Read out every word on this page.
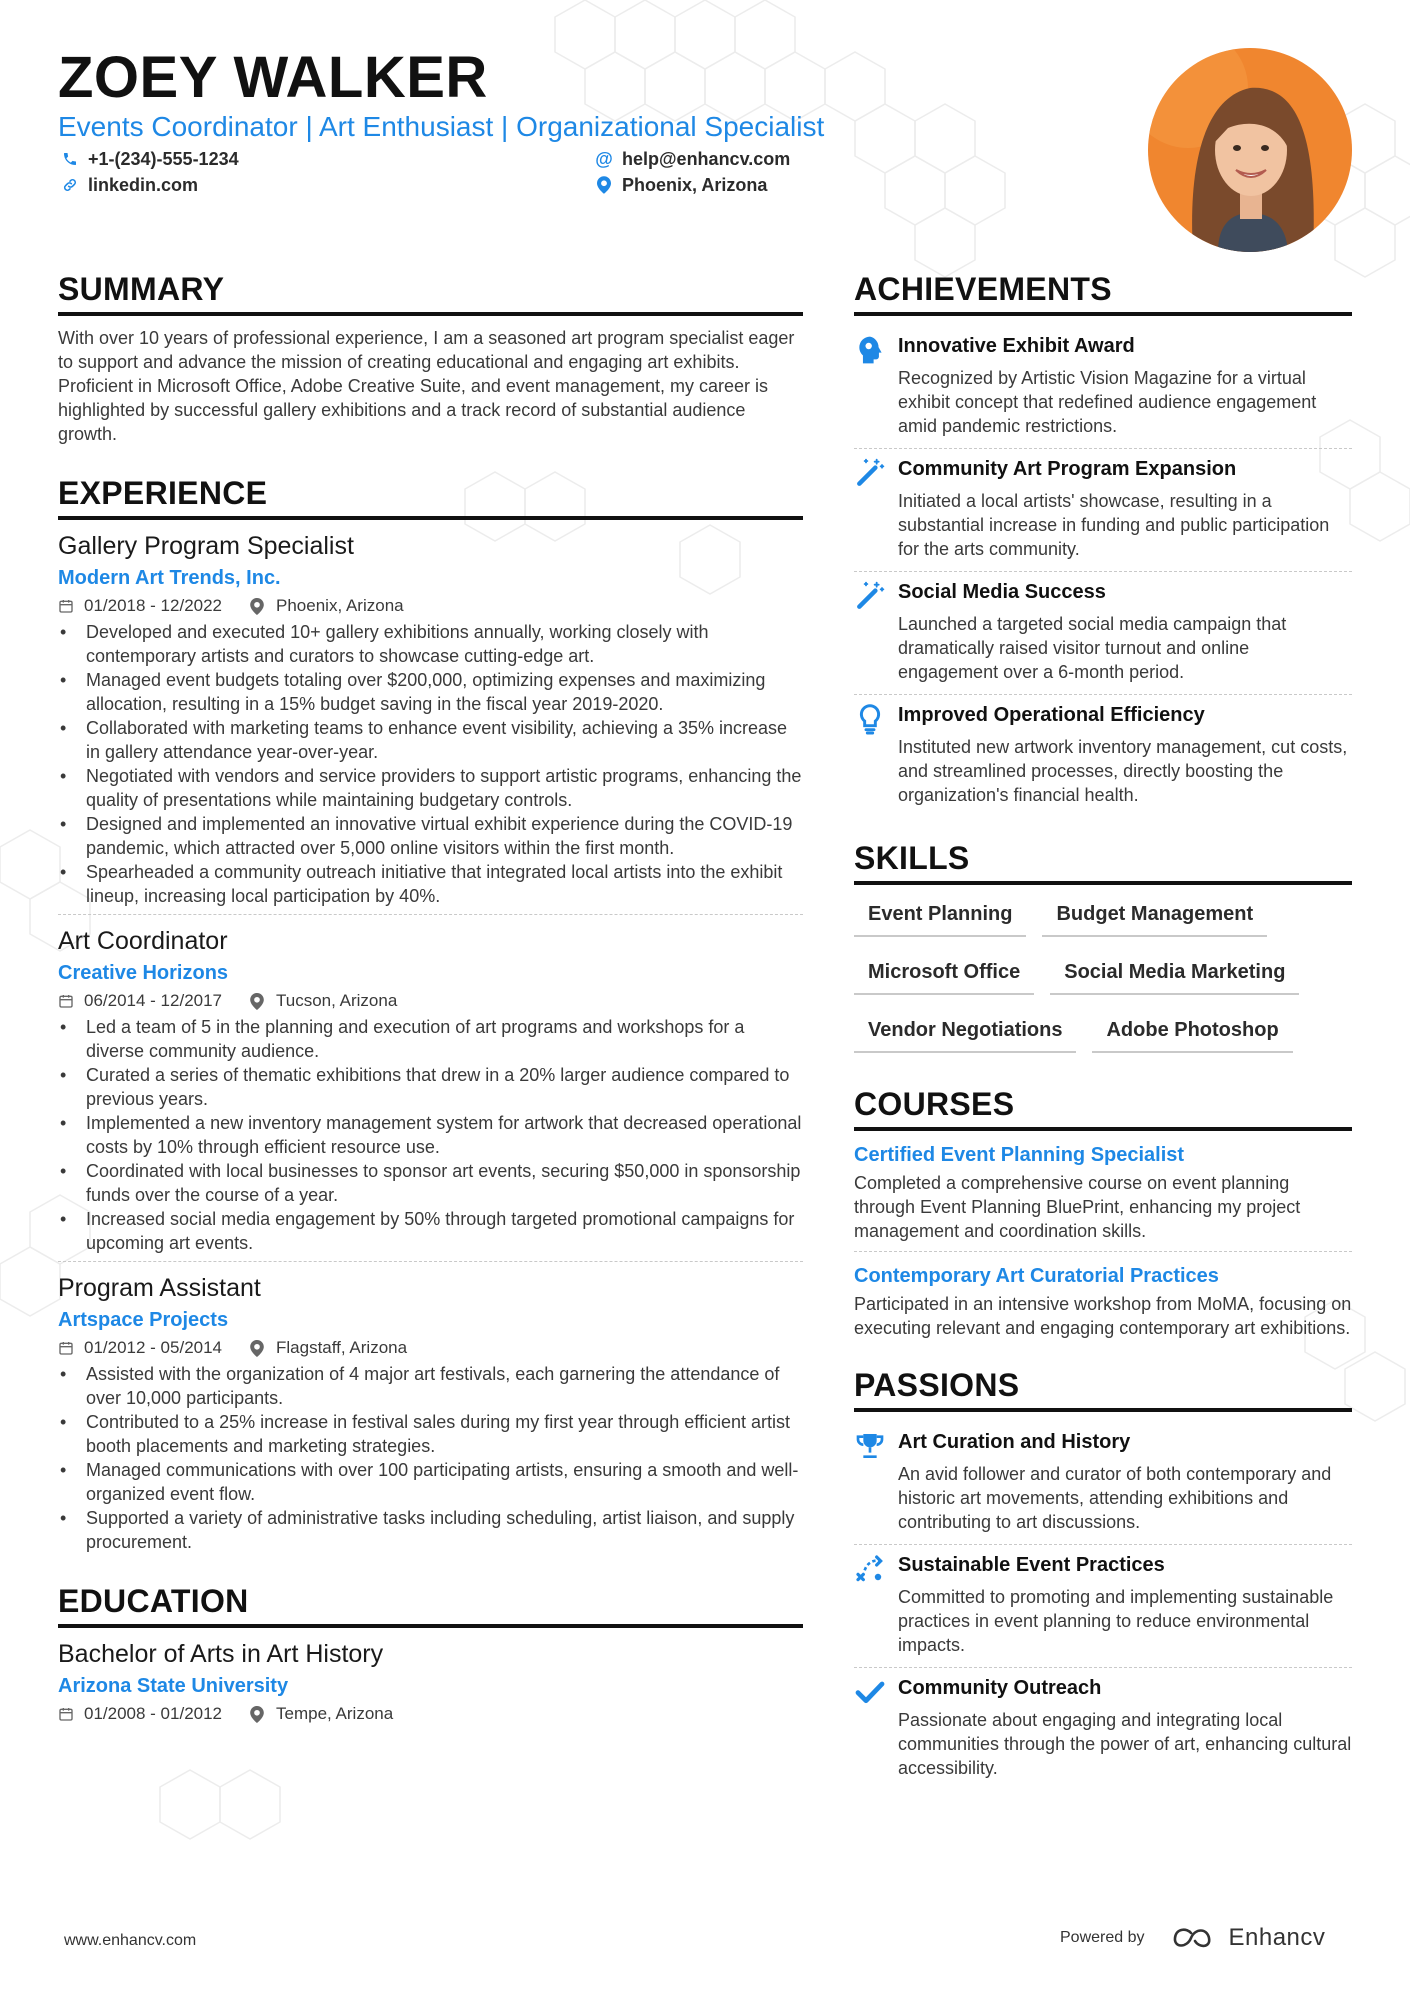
ZOEY WALKER
Events Coordinator | Art Enthusiast | Organizational Specialist
+1-(234)-555-1234	@ help@enhancv.com
linkedin.com	Phoenix, Arizona
SUMMARY
With over 10 years of professional experience, I am a seasoned art program specialist eager to support and advance the mission of creating educational and engaging art exhibits. Proficient in Microsoft Office, Adobe Creative Suite, and event management, my career is highlighted by successful gallery exhibitions and a track record of substantial audience growth.
EXPERIENCE
Gallery Program Specialist
Modern Art Trends, Inc.
01/2018 - 12/2022	Phoenix, Arizona
• Developed and executed 10+ gallery exhibitions annually, working closely with contemporary artists and curators to showcase cutting-edge art.
• Managed event budgets totaling over $200,000, optimizing expenses and maximizing allocation, resulting in a 15% budget saving in the fiscal year 2019-2020.
• Collaborated with marketing teams to enhance event visibility, achieving a 35% increase in gallery attendance year-over-year.
• Negotiated with vendors and service providers to support artistic programs, enhancing the quality of presentations while maintaining budgetary controls.
• Designed and implemented an innovative virtual exhibit experience during the COVID-19 pandemic, which attracted over 5,000 online visitors within the first month.
• Spearheaded a community outreach initiative that integrated local artists into the exhibit lineup, increasing local participation by 40%.
Art Coordinator
Creative Horizons
06/2014 - 12/2017	Tucson, Arizona
• Led a team of 5 in the planning and execution of art programs and workshops for a diverse community audience.
• Curated a series of thematic exhibitions that drew in a 20% larger audience compared to previous years.
• Implemented a new inventory management system for artwork that decreased operational costs by 10% through efficient resource use.
• Coordinated with local businesses to sponsor art events, securing $50,000 in sponsorship funds over the course of a year.
• Increased social media engagement by 50% through targeted promotional campaigns for upcoming art events.
Program Assistant
Artspace Projects
01/2012 - 05/2014	Flagstaff, Arizona
• Assisted with the organization of 4 major art festivals, each garnering the attendance of over 10,000 participants.
• Contributed to a 25% increase in festival sales during my first year through efficient artist booth placements and marketing strategies.
• Managed communications with over 100 participating artists, ensuring a smooth and well-organized event flow.
• Supported a variety of administrative tasks including scheduling, artist liaison, and supply procurement.
EDUCATION
Bachelor of Arts in Art History
Arizona State University
01/2008 - 01/2012	Tempe, Arizona
ACHIEVEMENTS
Innovative Exhibit Award
Recognized by Artistic Vision Magazine for a virtual exhibit concept that redefined audience engagement amid pandemic restrictions.
Community Art Program Expansion
Initiated a local artists' showcase, resulting in a substantial increase in funding and public participation for the arts community.
Social Media Success
Launched a targeted social media campaign that dramatically raised visitor turnout and online engagement over a 6-month period.
Improved Operational Efficiency
Instituted new artwork inventory management, cut costs, and streamlined processes, directly boosting the organization's financial health.
SKILLS
Event Planning	Budget Management
Microsoft Office	Social Media Marketing
Vendor Negotiations	Adobe Photoshop
COURSES
Certified Event Planning Specialist
Completed a comprehensive course on event planning through Event Planning BluePrint, enhancing my project management and coordination skills.
Contemporary Art Curatorial Practices
Participated in an intensive workshop from MoMA, focusing on executing relevant and engaging contemporary art exhibitions.
PASSIONS
Art Curation and History
An avid follower and curator of both contemporary and historic art movements, attending exhibitions and contributing to art discussions.
Sustainable Event Practices
Committed to promoting and implementing sustainable practices in event planning to reduce environmental impacts.
Community Outreach
Passionate about engaging and integrating local communities through the power of art, enhancing cultural accessibility.
www.enhancv.com	Powered by	Enhancv
